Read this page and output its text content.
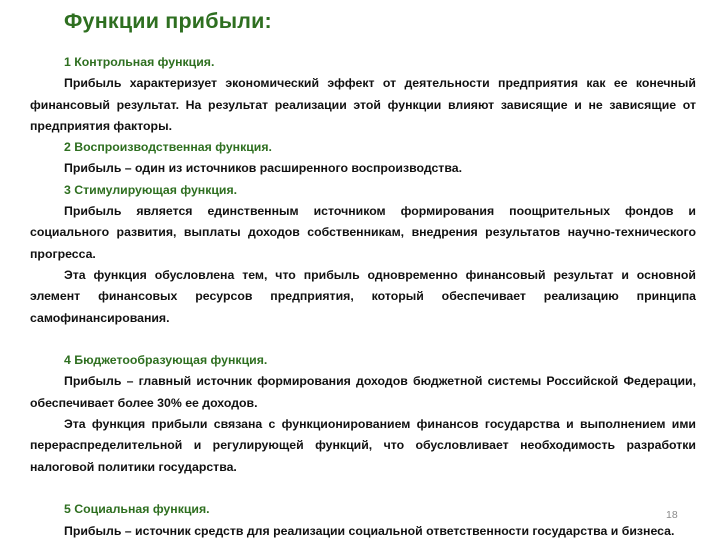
Функции прибыли:

1 Контрольная функция.

Прибыль характеризует экономический эффект от деятельности предприятия как ее конечный финансовый результат. На результат реализации этой функции влияют зависящие и не зависящие от предприятия факторы.

2 Воспроизводственная функция.

Прибыль – один из источников расширенного воспроизводства.

3 Стимулирующая функция.

Прибыль является единственным источником формирования поощрительных фондов и социального развития, выплаты доходов собственникам, внедрения результатов научно-технического прогресса.

Эта функция обусловлена тем, что прибыль одновременно финансовый результат и основной элемент финансовых ресурсов предприятия, который обеспечивает реализацию принципа самофинансирования.

4 Бюджетообразующая функция.

Прибыль – главный источник формирования доходов бюджетной системы Российской Федерации, обеспечивает более 30% ее доходов.

Эта функция прибыли связана с функционированием финансов государства и выполнением ими перераспределительной и регулирующей функций, что обусловливает необходимость разработки налоговой политики государства.

5 Социальная функция.

Прибыль – источник средств для реализации социальной ответственности государства и бизнеса.

18
